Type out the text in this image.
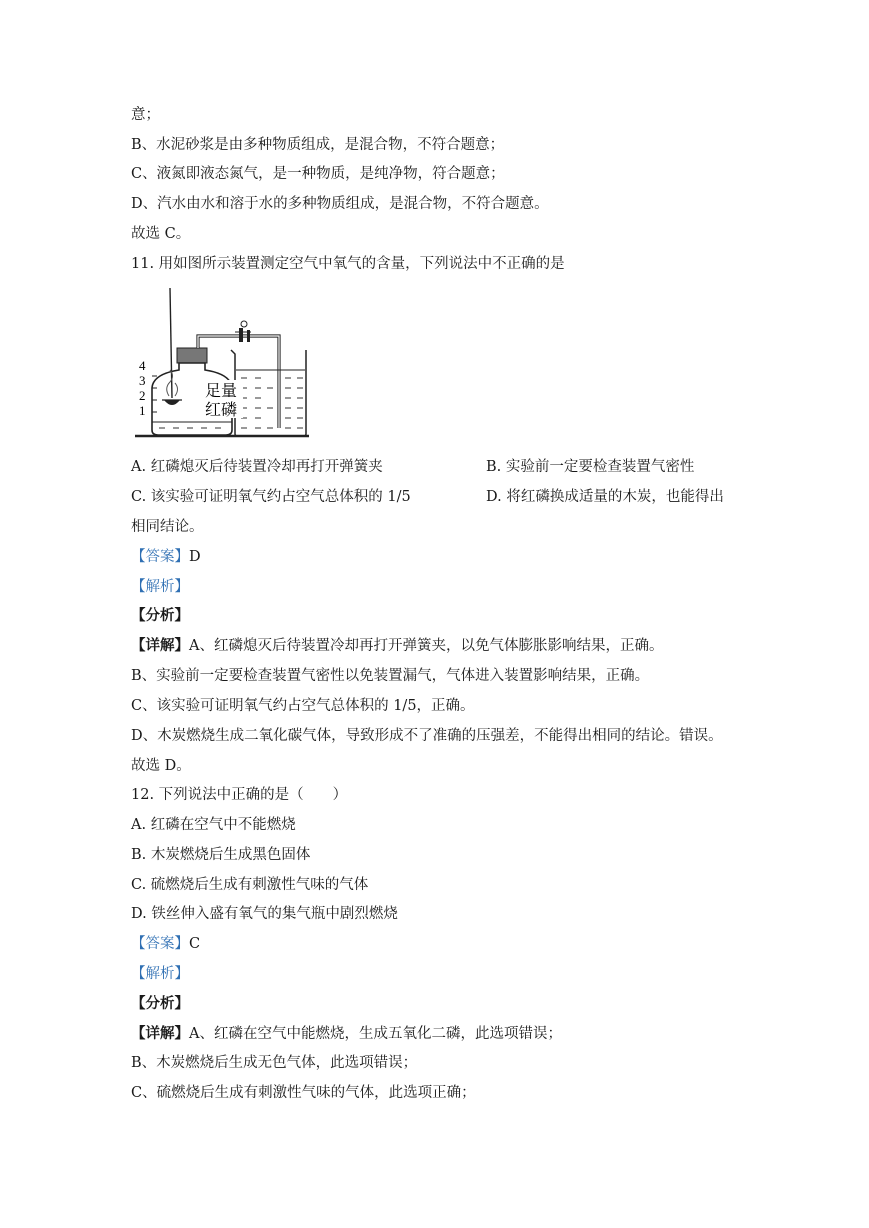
意；
B、水泥砂浆是由多种物质组成，是混合物，不符合题意；
C、液氮即液态氮气，是一种物质，是纯净物，符合题意；
D、汽水由水和溶于水的多种物质组成，是混合物，不符合题意。
故选 C。
11. 用如图所示装置测定空气中氧气的含量，下列说法中不正确的是
4
3
2
1
足量
红磷
A. 红磷熄灭后待装置冷却再打开弹簧夹	B. 实验前一定要检查装置气密性
C. 该实验可证明氧气约占空气总体积的 1/5	D. 将红磷换成适量的木炭，也能得出
相同结论。
【答案】D
【解析】
【分析】
【详解】A、红磷熄灭后待装置冷却再打开弹簧夹，以免气体膨胀影响结果，正确。
B、实验前一定要检查装置气密性以免装置漏气，气体进入装置影响结果，正确。
C、该实验可证明氧气约占空气总体积的 1/5，正确。
D、木炭燃烧生成二氧化碳气体，导致形成不了准确的压强差，不能得出相同的结论。错误。
故选 D。
12. 下列说法中正确的是（　　）
A. 红磷在空气中不能燃烧
B. 木炭燃烧后生成黑色固体
C. 硫燃烧后生成有刺激性气味的气体
D. 铁丝伸入盛有氧气的集气瓶中剧烈燃烧
【答案】C
【解析】
【分析】
【详解】A、红磷在空气中能燃烧，生成五氧化二磷，此选项错误；
B、木炭燃烧后生成无色气体，此选项错误；
C、硫燃烧后生成有刺激性气味的气体，此选项正确；
